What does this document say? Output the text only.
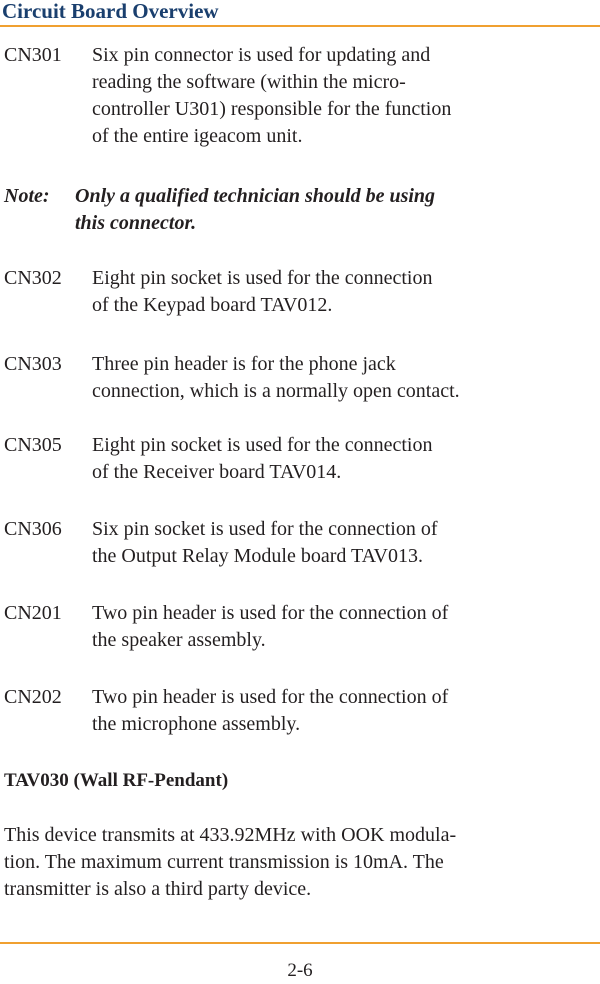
Circuit Board Overview
CN301 Six pin connector is used for updating and
reading the software (within the micro-
controller U301) responsible for the function
of the entire igeacom unit.
Note: Only a qualified technician should be using
this connector.
CN302 Eight pin socket is used for the connection
of the Keypad board TAV012.
CN303 Three pin header is for the phone jack
connection, which is a normally open contact.
CN305 Eight pin socket is used for the connection
of the Receiver board TAV014.
CN306 Six pin socket is used for the connection of
the Output Relay Module board TAV013.
CN201 Two pin header is used for the connection of
the speaker assembly.
CN202 Two pin header is used for the connection of
the microphone assembly.
TAV030 (Wall RF-Pendant)
This device transmits at 433.92MHz with OOK modula-
tion. The maximum current transmission is 10mA. The
transmitter is also a third party device.
2-6
